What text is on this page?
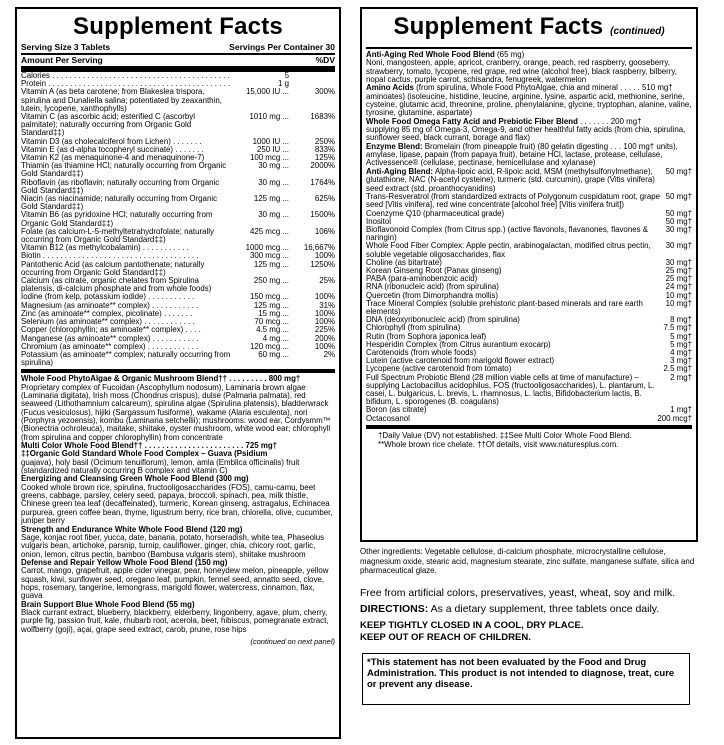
Supplement Facts
Serving Size 3 Tablets	Servings Per Container 30
Amount Per Serving	%DV
Calories . . . . . . . . . . . . . . . . . . . . . . . . . . . . . . . . . . . . . . . . .	5
Protein . . . . . . . . . . . . . . . . . . . . . . . . . . . . . . . . . . . . . . . . . .	1 g
Vitamin A (as beta carotene; from Blakeslea trispora, spirulina and Dunaliella salina; potentiated by zeaxanthin, lutein, lycopene, xanthophylls)
15,000 IU ...	300%
Vitamin C (as ascorbic acid; esterified C (ascorbyl palmitate); naturally occurring from Organic Gold Standard‡‡)
1010 mg ...	1683%
Vitamin D3 (as cholecalciferol from Lichen) . . . . . . .	1000 IU ...	250%
Vitamin E (as d-alpha tocopheryl succinate) . . . . . . .	250 IU ...	833%
Vitamin K2 (as menaquinone-4 and menaquinone-7)	100 mcg ...	125%
Thiamin (as thiamine HCl; naturally occurring from Organic Gold Standard‡‡)
30 mg ...	2000%
Riboflavin (as riboflavin; naturally occurring from Organic Gold Standard‡‡)
30 mg ...	1764%
Niacin (as niacinamide; naturally occurring from Organic Gold Standard‡‡)
125 mg ...	625%
Vitamin B6 (as pyridoxine HCl; naturally occurring from Organic Gold Standard‡‡)
30 mg ...	1500%
Folate (as calcium-L-5-methyltetrahydrofolate; naturally occurring from Organic Gold Standard‡‡)
425 mcg ...	106%
Vitamin B12 (as methylcobalamin) . . . . . . . . . . .	1000 mcg ...	16,667%
Biotin . . . . . . . . . . . . . . . . . . . . . . . . . . . . . . . . . . . .	300 mcg ...	100%
Pantothenic Acid (as calcium pantothenate; naturally occurring from Organic Gold Standard‡‡)
125 mg ...	1250%
Calcium (as citrate, organic chelates from Spirulina platensis, di-calcium phosphate and from whole foods)
250 mg ...	25%
Iodine (from kelp, potassium iodide) . . . . . . . . . . .	150 mcg ...	100%
Magnesium (as aminoate** complex) . . . . . . . . . . .	125 mg ...	31%
Zinc (as aminoate** complex, picolinate) . . . . . . .	15 mg ...	100%
Selenium (as aminoate** complex) . . . . . . . . . . . .	70 mcg ...	100%
Copper (chlorophyllin; as aminoate** complex) . . . .	4.5 mg ...	225%
Manganese (as aminoate** complex) . . . . . . . . . . .	4 mg ...	200%
Chromium (as aminoate** complex) . . . . . . . . . . . .	120 mcg ...	100%
Potassium (as aminoate** complex; naturally occurring from spirulina)
60 mg ...	2%
Whole Food PhytoAlgae & Organic Mushroom Blend†† . . . . . . . . . 800 mg†
Proprietary complex of Fucoidan (Ascophyllum nodosum), Laminaria brown algae (Laminaria digitata), Irish moss (Chondrus crispus), dulse (Palmaria palmata), red seaweed (Lithothamnium calcareum), spirulina algae (Spirulina platensis), bladderwrack (Fucus vesiculosus), hijiki (Sargassum fusiforme), wakame (Alaria esculenta), nori (Porphyra yezoensis), kombu (Laminaria setchellii); mushrooms: wood ear, Cordysmm™ (Bionectria ochroleuca), maitake, shiitake, oyster mushroom, white wood ear; chlorophyll (from spirulina and copper chlorophyllin) from concentrate
Multi Color Whole Food Blend†† . . . . . . . . . . . . . . . . . . . . . . . 725 mg†
‡‡Organic Gold Standard Whole Food Complex – Guava (Psidium
guajava), holy basil (Ocimum tenuiflorum), lemon, amla (Emblica officinalis) fruit (standardized naturally occurring B complex and vitamin C)
Energizing and Cleansing Green Whole Food Blend (300 mg)
Cooked whole brown rice, spirulina, fructooligosaccharides (FOS), camu-camu, beet greens, cabbage, parsley, celery seed, papaya, broccoli, spinach, pea, milk thistle, Chinese green tea leaf (decaffeinated), turmeric, Korean ginseng, astragalus, Echinacea purpurea, green coffee bean, thyme, ligustrum berry, rice bran, chlorella, olive, cucumber, juniper berry
Strength and Endurance White Whole Food Blend (120 mg)
Sage, konjac root fiber, yucca, date, banana, potato, horseradish, white tea, Phaseolus vulgaris bean, artichoke, parsnip, turnip, cauliflower, ginger, chia, chicory root, garlic, onion, lemon, citrus pectin, bamboo (Bambusa vulgaris stem), shiitake mushroom
Defense and Repair Yellow Whole Food Blend (150 mg)
Carrot, mango, grapefruit, apple cider vinegar, pear, honeydew melon, pineapple, yellow squash, kiwi, sunflower seed, oregano leaf, pumpkin, fennel seed, annatto seed, clove, hops, rosemary, tangerine, lemongrass, marigold flower, watercress, cinnamon, flax, guava
Brain Support Blue Whole Food Blend (55 mg)
Black currant extract, blueberry, blackberry, elderberry, lingonberry, agave, plum, cherry, purple fig, passion fruit, kale, rhubarb root, acerola, beet, hibiscus, pomegranate extract, wolfberry (goji), açai, grape seed extract, carob, prune, rose hips
(continued on next panel)
Supplement Facts (continued)
Anti-Aging Red Whole Food Blend (65 mg)
Noni, mangosteen, apple, apricot, cranberry, orange, peach, red raspberry, gooseberry, strawberry, tomato, lycopene, red grape, red wine (alcohol free), black raspberry, bilberry, nopal cactus, purple carrot, schisandra, fenugreek, watermelon
Amino Acids (from spirulina, Whole Food PhytoAlgae, chia and mineral . . . . . 510 mg† aminoates) (isoleucine, histidine, leucine, arginine, lysine, aspartic acid, methionine, serine, cysteine, glutamic acid, threonine, proline, phenylalanine, glycine, tryptophan, alanine, valine, tyrosine, glutamine, aspartate)
Whole Food Omega Fatty Acid and Prebiotic Fiber Blend . . . . . . . 200 mg†
supplying 85 mg of Omega-3, Omega-9, and other healthful fatty acids (from chia, spirulina, sunflower seed, black currant, borage and flax)
Enzyme Blend: Bromelain (from pineapple fruit) (80 gelatin digesting . . . 100 mg† units), amylase, lipase, papain (from papaya fruit), betaine HCl, lactase, protease, cellulase, Activessence® (cellulase, pectinase, hemicellulase and xylanase)
Anti-Aging Blend: Alpha-lipoic acid, R-lipoic acid, MSM (methylsulfonylmethane), glutathione, NAC (N-acetyl cysteine), turmeric (std. curcumin), grape (Vitis vinifera) seed extract (std. proanthocyanidins)
50 mg†
Trans-Resveratrol (from standardized extracts of Polygonum cuspidatum root, grape seed [Vitis vinifera], red wine concentrate [alcohol free] [Vitis vinifera fruit])
50 mg†
Coenzyme Q10 (pharmaceutical grade)	50 mg†
Inositol	50 mg†
Bioflavonoid Complex (from Citrus spp.) (active flavonols, flavanones, flavones & naringin)
30 mg†
Whole Food Fiber Complex: Apple pectin, arabinogalactan, modified citrus pectin, soluble vegetable oligosaccharides, flax
30 mg†
Choline (as bitartrate)	30 mg†
Korean Ginseng Root (Panax ginseng)	25 mg†
PABA (para-aminobenzoic acid)	25 mg†
RNA (ribonucleic acid) (from spirulina)	24 mg†
Quercetin (from Dimorphandra mollis)	10 mg†
Trace Mineral Complex (soluble prehistoric plant-based minerals and rare earth elements)
10 mg†
DNA (deoxyribonucleic acid) (from spirulina)	8 mg†
Chlorophyll (from spirulina)	7.5 mg†
Rutin (from Sophora japonica leaf)	5 mg†
Hesperidin Complex (from Citrus aurantium exocarp)	5 mg†
Carotenoids (from whole foods)	4 mg†
Lutein (active carotenoid from marigold flower extract)	3 mg†
Lycopene (active carotenoid from tomato)	2.5 mg†
Full Spectrum Probiotic Blend (28 million viable cells at time of manufacture) – supplying Lactobacillus acidophilus, FOS (fructooligosaccharides), L. plantarum, L. casei, L. bulgaricus, L. brevis, L. rhamnosus, L. lactis, Bifidobacterium lactis, B. bifidum, L. sporogenes (B. coagulans)
2 mg†
Boron (as citrate)	1 mg†
Octacosanol	200 mcg†
†Daily Value (DV) not established. ‡‡See Multi Color Whole Food Blend.
**Whole brown rice chelate. ††Of details, visit www.naturesplus.com.
Other ingredients: Vegetable cellulose, di-calcium phosphate, microcrystalline cellulose, magnesium oxide, stearic acid, magnesium stearate, zinc sulfate, manganese sulfate, silica and pharmaceutical glaze.
Free from artificial colors, preservatives, yeast, wheat, soy and milk.
DIRECTIONS: As a dietary supplement, three tablets once daily.
KEEP TIGHTLY CLOSED IN A COOL, DRY PLACE.
KEEP OUT OF REACH OF CHILDREN.
*This statement has not been evaluated by the Food and Drug Administration. This product is not intended to diagnose, treat, cure or prevent any disease.
